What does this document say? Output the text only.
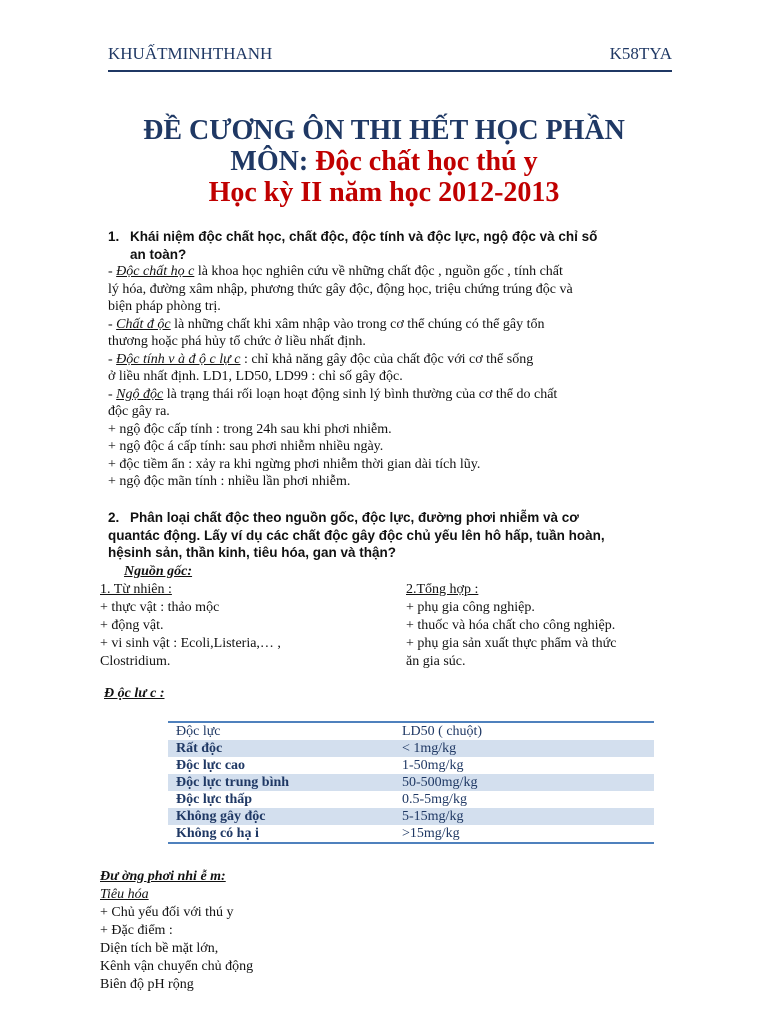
KHUẤTMINHTHANH	K58TYA
ĐỀ CƯƠNG ÔN THI HẾT HỌC PHẦN
MÔN: Độc chất học thú y
Học kỳ II năm học 2012-2013
1. Khái niệm độc chất học, chất độc, độc tính và độc lực, ngộ độc và chỉ số
an toàn?
- Độc chất họ c là khoa học nghiên cứu về những chất độc , nguồn gốc , tính chất
lý hóa, đường xâm nhập, phương thức gây độc, động học, triệu chứng trúng độc và
biện pháp phòng trị.
- Chất đ ộc là những chất khi xâm nhập vào trong cơ thể chúng có thể gây tổn
thương hoặc phá hủy tổ chức ở liều nhất định.
- Độc tính v à đ ộ c lự c : chỉ khả năng gây độc của chất độc với cơ thể sống
ở liều nhất định. LD1, LD50, LD99 : chỉ số gây độc.
- Ngộ độc là trạng thái rối loạn hoạt động sinh lý bình thường của cơ thể do chất
độc gây ra.
+ ngộ độc cấp tính : trong 24h sau khi phơi nhiễm.
+ ngộ độc á cấp tính: sau phơi nhiễm nhiều ngày.
+ độc tiềm ẩn : xảy ra khi ngừng phơi nhiễm thời gian dài tích lũy.
+ ngộ độc mãn tính : nhiều lần phơi nhiễm.
2. Phân loại chất độc theo nguồn gốc, độc lực, đường phơi nhiễm và cơ
quantác động. Lấy ví dụ các chất độc gây độc chủ yếu lên hô hấp, tuần hoàn,
hệsinh sản, thần kinh, tiêu hóa, gan và thận?
Nguồn gốc:
1. Từ nhiên :
+ thực vật : thảo mộc
+ động vật.
+ vi sinh vật : Ecoli,Listeria,… ,
Clostridium.
2.Tổng hợp :
+ phụ gia công nghiệp.
+ thuốc và hóa chất cho công nghiệp.
+ phụ gia sản xuất thực phẩm và thức
ăn gia súc.
Đ ộc lư c :
Độc lực	LD50 ( chuột)
Rất độc	< 1mg/kg
Độc lực cao	1-50mg/kg
Độc lực trung bình	50-500mg/kg
Độc lực thấp	0.5-5mg/kg
Không gây độc	5-15mg/kg
Không có hạ i	>15mg/kg
Đư ờng phơi nhi ễ m:
Tiêu hóa
+ Chủ yếu đối với thú y
+ Đặc điểm :
Diện tích bề mặt lớn,
Kênh vận chuyển chủ động
Biên độ pH rộng
